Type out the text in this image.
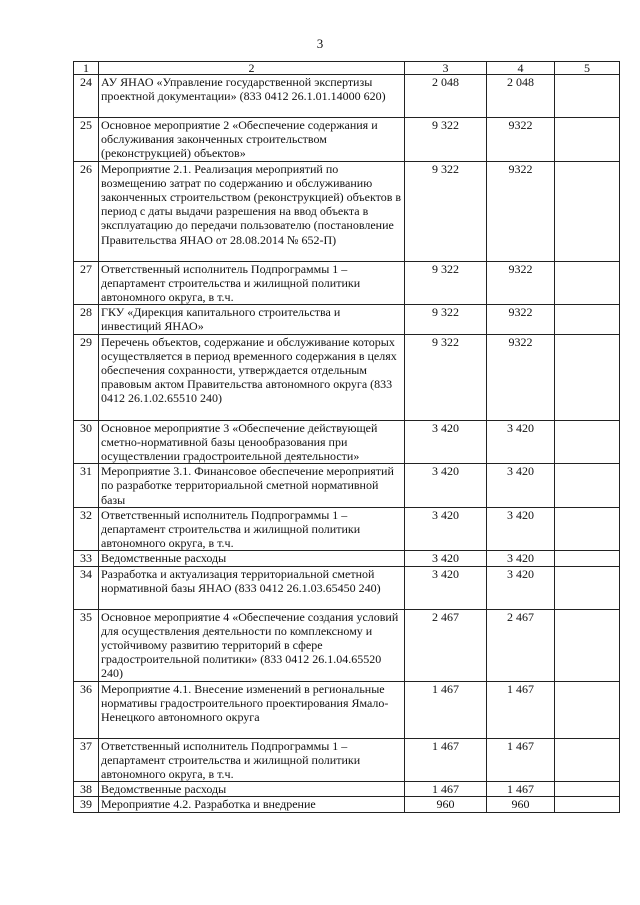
3
1	2	3	4	5
24	АУ ЯНАО «Управление государственной экспертизы проектной документации» (833 0412 26.1.01.14000 620)	2 048	2 048	
25	Основное мероприятие 2 «Обеспечение содержания и обслуживания законченных строительством (реконструкцией) объектов»	9 322	9322	
26	Мероприятие 2.1. Реализация мероприятий по возмещению затрат по содержанию и обслуживанию законченных строительством (реконструкцией) объектов в период с даты выдачи разрешения на ввод объекта в эксплуатацию до передачи пользователю (постановление Правительства ЯНАО от 28.08.2014 № 652-П)	9 322	9322	
27	Ответственный исполнитель Подпрограммы 1 – департамент строительства и жилищной политики автономного округа, в т.ч.	9 322	9322	
28	ГКУ «Дирекция капитального строительства и инвестиций ЯНАО»	9 322	9322	
29	Перечень объектов, содержание и обслуживание которых осуществляется в период временного содержания в целях обеспечения сохранности, утверждается отдельным правовым актом Правительства автономного округа (833 0412 26.1.02.65510 240)	9 322	9322	
30	Основное мероприятие 3 «Обеспечение действующей сметно-нормативной базы ценообразования при осуществлении градостроительной деятельности»	3 420	3 420	
31	Мероприятие 3.1. Финансовое обеспечение мероприятий по разработке территориальной сметной нормативной базы	3 420	3 420	
32	Ответственный исполнитель Подпрограммы 1 – департамент строительства и жилищной политики автономного округа, в т.ч.	3 420	3 420	
33	Ведомственные расходы	3 420	3 420	
34	Разработка и актуализация территориальной сметной нормативной базы ЯНАО (833 0412 26.1.03.65450 240)	3 420	3 420	
35	Основное мероприятие 4 «Обеспечение создания условий для осуществления деятельности по комплексному и устойчивому развитию территорий в сфере градостроительной политики» (833 0412 26.1.04.65520 240)	2 467	2 467	
36	Мероприятие 4.1. Внесение изменений в региональные нормативы градостроительного проектирования Ямало-Ненецкого автономного округа	1 467	1 467	
37	Ответственный исполнитель Подпрограммы 1 – департамент строительства и жилищной политики автономного округа, в т.ч.	1 467	1 467	
38	Ведомственные расходы	1 467	1 467	
39	Мероприятие 4.2. Разработка и внедрение	960	960	
